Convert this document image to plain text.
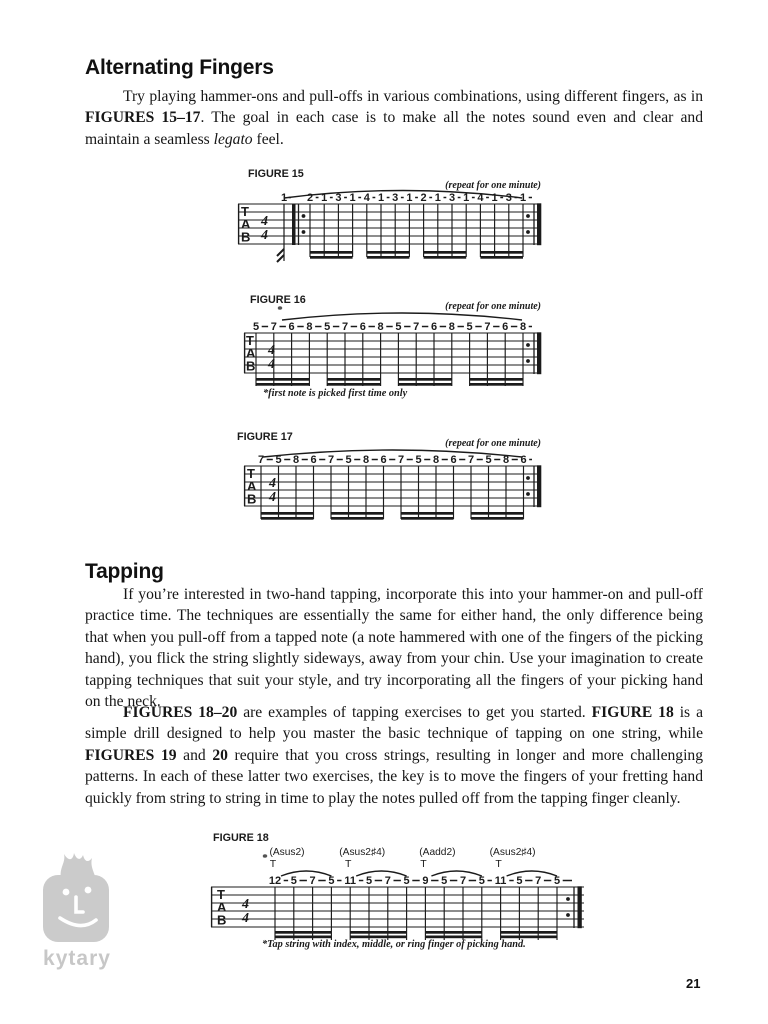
Alternating Fingers
Try playing hammer-ons and pull-offs in various combinations, using different fingers, as in FIGURES 15–17. The goal in each case is to make all the notes sound even and clear and maintain a seamless legato feel.
FIGURE 15
(repeat for one minute)
T
A
B
4
4
2 1 3 1 4 1 3 1 2 1 3 1 4 1 3 1
1
FIGURE 16
(repeat for one minute)
T
A
B
4
4
5 7 6 8 5 7 6 8 5 7 6 8 5 7 6 8
*
*first note is picked first time only
FIGURE 17
(repeat for one minute)
T
A
B
4
4
7 5 8 6 7 5 8 6 7 5 8 6 7 5 8 6
FIGURE 18
T
A
B
4
4
12 5 7 5 11 5 7 5 9 5 7 5 11 5 7 5
(Asus2)
T
(Asus2♯4)
T
(Aadd2)
T
(Asus2♯4)
T
*
*Tap string with index, middle, or ring finger of picking hand.
Tapping
If you’re interested in two-hand tapping, incorporate this into your hammer-on and pull-off practice time. The techniques are essentially the same for either hand, the only difference being that when you pull-off from a tapped note (a note hammered with one of the fingers of the picking hand), you flick the string slightly sideways, away from your chin. Use your imagination to create tapping techniques that suit your style, and try incorporating all the fingers of your picking hand on the neck.
FIGURES 18–20 are examples of tapping exercises to get you started. FIGURE 18 is a simple drill designed to help you master the basic technique of tapping on one string, while FIGURES 19 and 20 require that you cross strings, resulting in longer and more challenging patterns. In each of these latter two exercises, the key is to move the fingers of your fretting hand quickly from string to string in time to play the notes pulled off from the tapping finger cleanly.
kytary
21
